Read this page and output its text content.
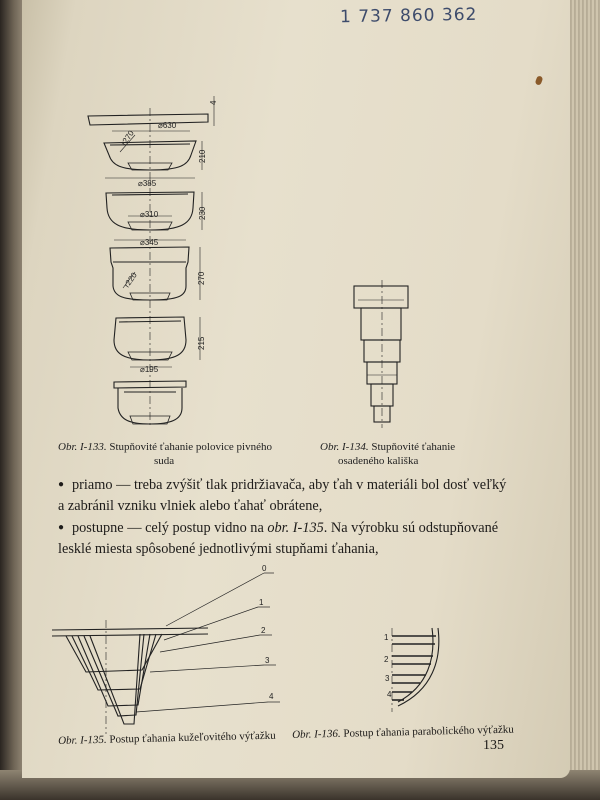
1 737 860 362
4
⌀630
r270
210
⌀385
⌀310	230
⌀345
r220	270
215
⌀195
0
1
2
3
4
1
2
3
4
Obr. I-133. Stupňovité ťahanie polovice pivného
suda
Obr. I-134. Stupňovité ťahanie
osadeného kališka

● priamo — treba zvýšiť tlak pridržiavača, aby ťah v materiáli bol dosť veľký

a zabránil vzniku vlniek alebo ťahať obrátene,

● postupne — celý postup vidno na obr. I-135. Na výrobku sú odstupňované

lesklé miesta spôsobené jednotlivými stupňami ťahania,

Obr. I-135. Postup ťahania kužeľovitého výťažku Obr. I-136. Postup ťahania parabolického výťažku
135
